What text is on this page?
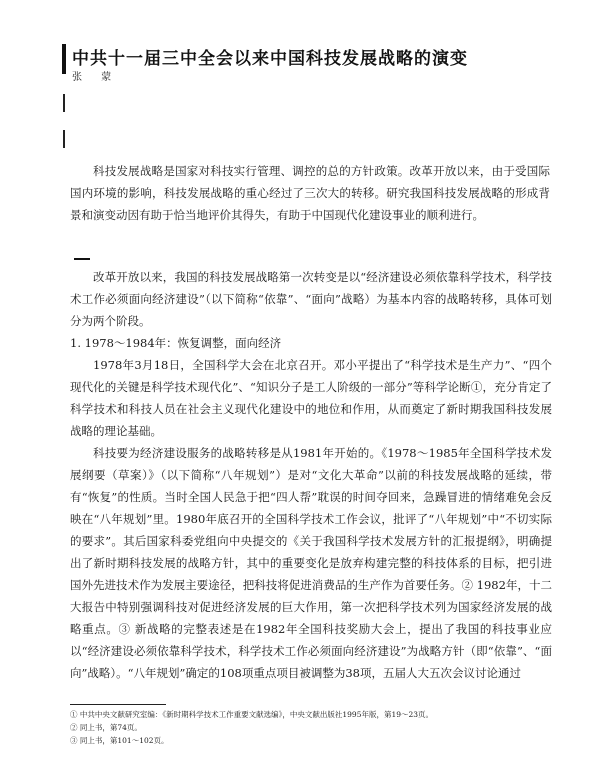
中共十一届三中全会以来中国科技发展战略的演变
张 蒙

科技发展战略是国家对科技实行管理、调控的总的方针政策。改革开放以来，由于受国际国内环境的影响，科技发展战略的重心经过了三次大的转移。研究我国科技发展战略的形成背景和演变动因有助于恰当地评价其得失，有助于中国现代化建设事业的顺利进行。

改革开放以来，我国的科技发展战略第一次转变是以“经济建设必须依靠科学技术，科学技术工作必须面向经济建设”（以下简称“依靠”、“面向”战略）为基本内容的战略转移，具体可划分为两个阶段。

1. 1978～1984年：恢复调整，面向经济

1978年3月18日，全国科学大会在北京召开。邓小平提出了“科学技术是生产力”、“四个现代化的关键是科学技术现代化”、“知识分子是工人阶级的一部分”等科学论断①，充分肯定了科学技术和科技人员在社会主义现代化建设中的地位和作用，从而奠定了新时期我国科技发展战略的理论基础。

科技要为经济建设服务的战略转移是从1981年开始的。《1978～1985年全国科学技术发展纲要（草案）》（以下简称“八年规划”）是对“文化大革命”以前的科技发展战略的延续，带有“恢复”的性质。当时全国人民急于把“四人帮”耽误的时间夺回来，急躁冒进的情绪难免会反映在“八年规划”里。1980年底召开的全国科学技术工作会议，批评了“八年规划”中“不切实际的要求”。其后国家科委党组向中央提交的《关于我国科学技术发展方针的汇报提纲》，明确提出了新时期科技发展的战略方针，其中的重要变化是放弃构建完整的科技体系的目标，把引进国外先进技术作为发展主要途径，把科技将促进消费品的生产作为首要任务。② 1982年，十二大报告中特别强调科技对促进经济发展的巨大作用，第一次把科学技术列为国家经济发展的战略重点。③ 新战略的完整表述是在1982年全国科技奖励大会上，提出了我国的科技事业应以“经济建设必须依靠科学技术，科学技术工作必须面向经济建设”为战略方针（即“依靠”、“面向”战略）。“八年规划”确定的108项重点项目被调整为38项，五届人大五次会议讨论通过

① 中共中央文献研究室编：《新时期科学技术工作重要文献选编》，中央文献出版社1995年版，第19～23页。
② 同上书，第74页。
③ 同上书，第101～102页。
